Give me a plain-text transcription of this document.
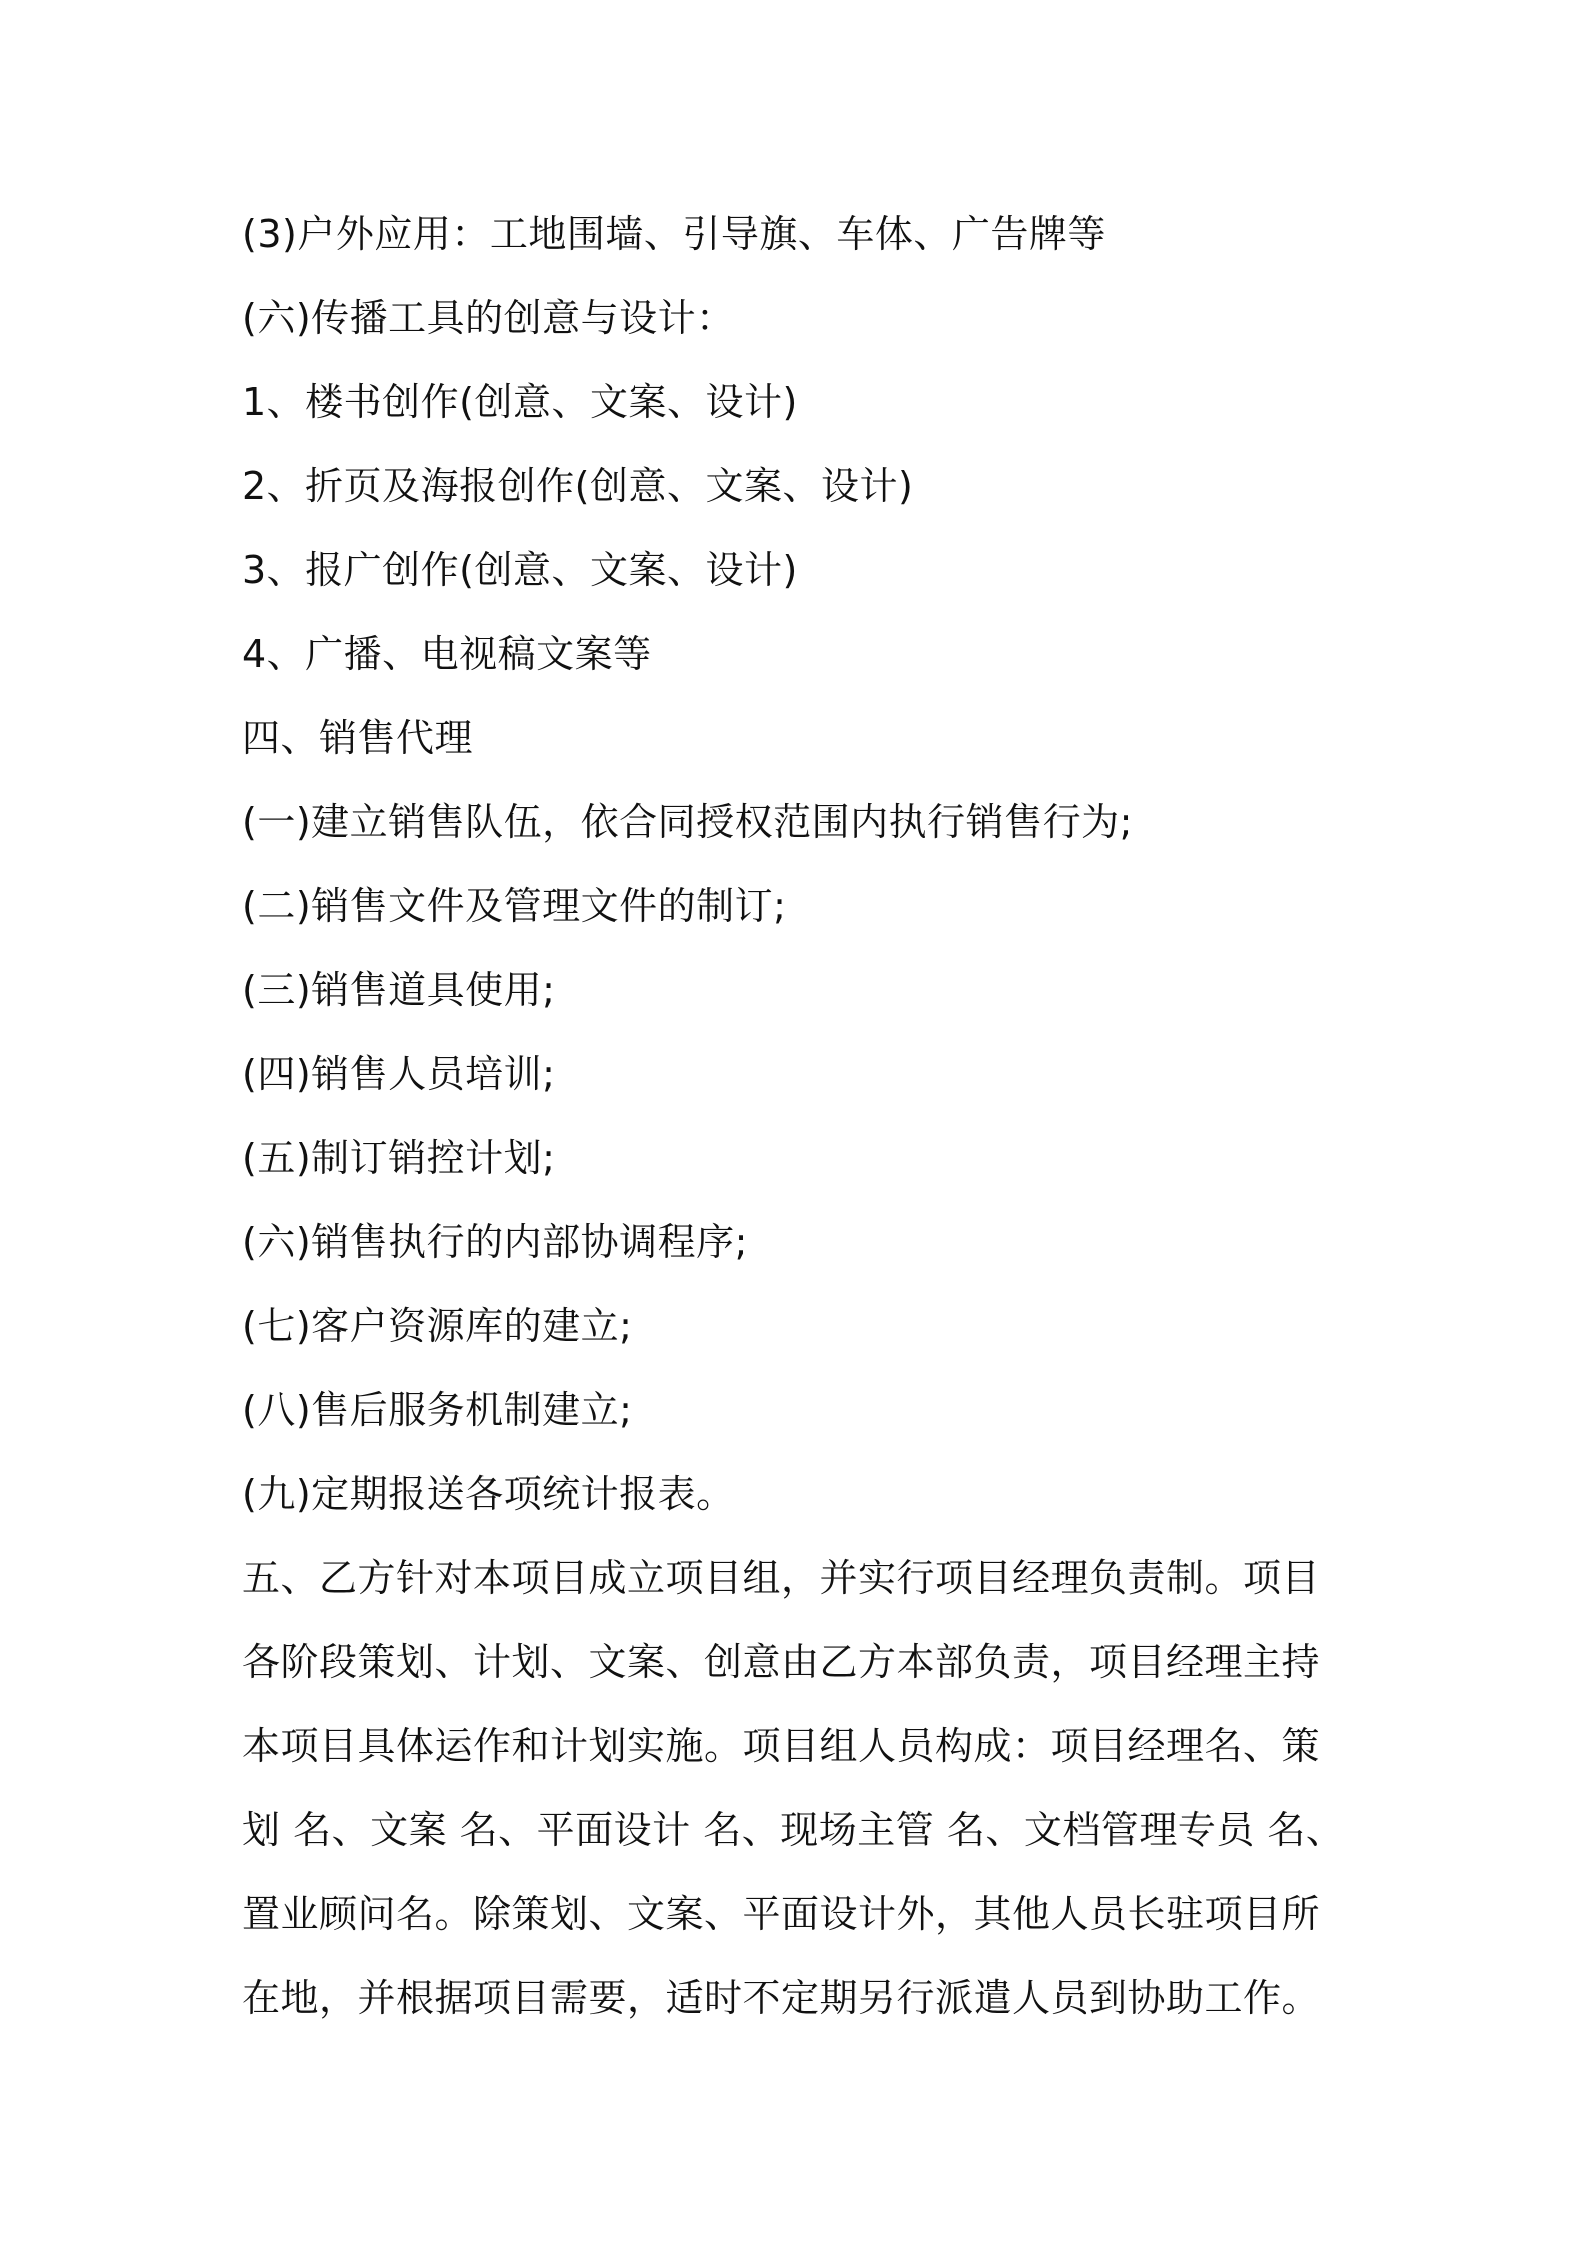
(3)户外应用：工地围墙、引导旗、车体、广告牌等
(六)传播工具的创意与设计：
1、楼书创作(创意、文案、设计)
2、折页及海报创作(创意、文案、设计)
3、报广创作(创意、文案、设计)
4、广播、电视稿文案等
四、销售代理
(一)建立销售队伍，依合同授权范围内执行销售行为;
(二)销售文件及管理文件的制订;
(三)销售道具使用;
(四)销售人员培训;
(五)制订销控计划;
(六)销售执行的内部协调程序;
(七)客户资源库的建立;
(八)售后服务机制建立;
(九)定期报送各项统计报表。
五、乙方针对本项目成立项目组，并实行项目经理负责制。项目
各阶段策划、计划、文案、创意由乙方本部负责，项目经理主持
本项目具体运作和计划实施。项目组人员构成：项目经理名、策
划 名、文案 名、平面设计 名、现场主管 名、文档管理专员 名、
置业顾问名。除策划、文案、平面设计外，其他人员长驻项目所
在地，并根据项目需要，适时不定期另行派遣人员到协助工作。
